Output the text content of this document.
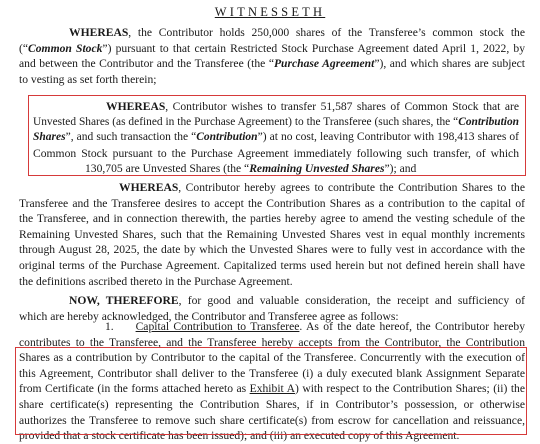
WITNESSETH
WHEREAS, the Contributor holds 250,000 shares of the Transferee’s common stock the
(“Common Stock”) pursuant to that certain Restricted Stock Purchase Agreement dated April 1, 2022, by
and between the Contributor and the Transferee (the “Purchase Agreement”), and which shares are subject
to vesting as set forth therein;
WHEREAS, Contributor wishes to transfer 51,587 shares of Common Stock that are
Unvested Shares (as defined in the Purchase Agreement) to the Transferee (such shares, the “Contribution
Shares”, and such transaction the “Contribution”) at no cost, leaving Contributor with 198,413 shares of
Common Stock pursuant to the Purchase Agreement immediately following such transfer, of which
130,705 are Unvested Shares (the “Remaining Unvested Shares”); and
WHEREAS, Contributor hereby agrees to contribute the Contribution Shares to the
Transferee and the Transferee desires to accept the Contribution Shares as a contribution to the capital of
the Transferee, and in connection therewith, the parties hereby agree to amend the vesting schedule of the
Remaining Unvested Shares, such that the Remaining Unvested Shares vest in equal monthly increments
through August 28, 2025, the date by which the Unvested Shares were to fully vest in accordance with the
original terms of the Purchase Agreement. Capitalized terms used herein but not defined herein shall have
the definitions ascribed thereto in the Purchase Agreement.
NOW, THEREFORE, for good and valuable consideration, the receipt and sufficiency of
which are hereby acknowledged, the Contributor and Transferee agree as follows:
1. Capital Contribution to Transferee. As of the date hereof, the Contributor hereby
contributes to the Transferee, and the Transferee hereby accepts from the Contributor, the Contribution
Shares as a contribution by Contributor to the capital of the Transferee. Concurrently with the execution of
this Agreement, Contributor shall deliver to the Transferee (i) a duly executed blank Assignment Separate
from Certificate (in the forms attached hereto as Exhibit A) with respect to the Contribution Shares; (ii) the
share certificate(s) representing the Contribution Shares, if in Contributor’s possession, or otherwise
authorizes the Transferee to remove such share certificate(s) from escrow for cancellation and reissuance,
provided that a stock certificate has been issued); and (iii) an executed copy of this Agreement.
